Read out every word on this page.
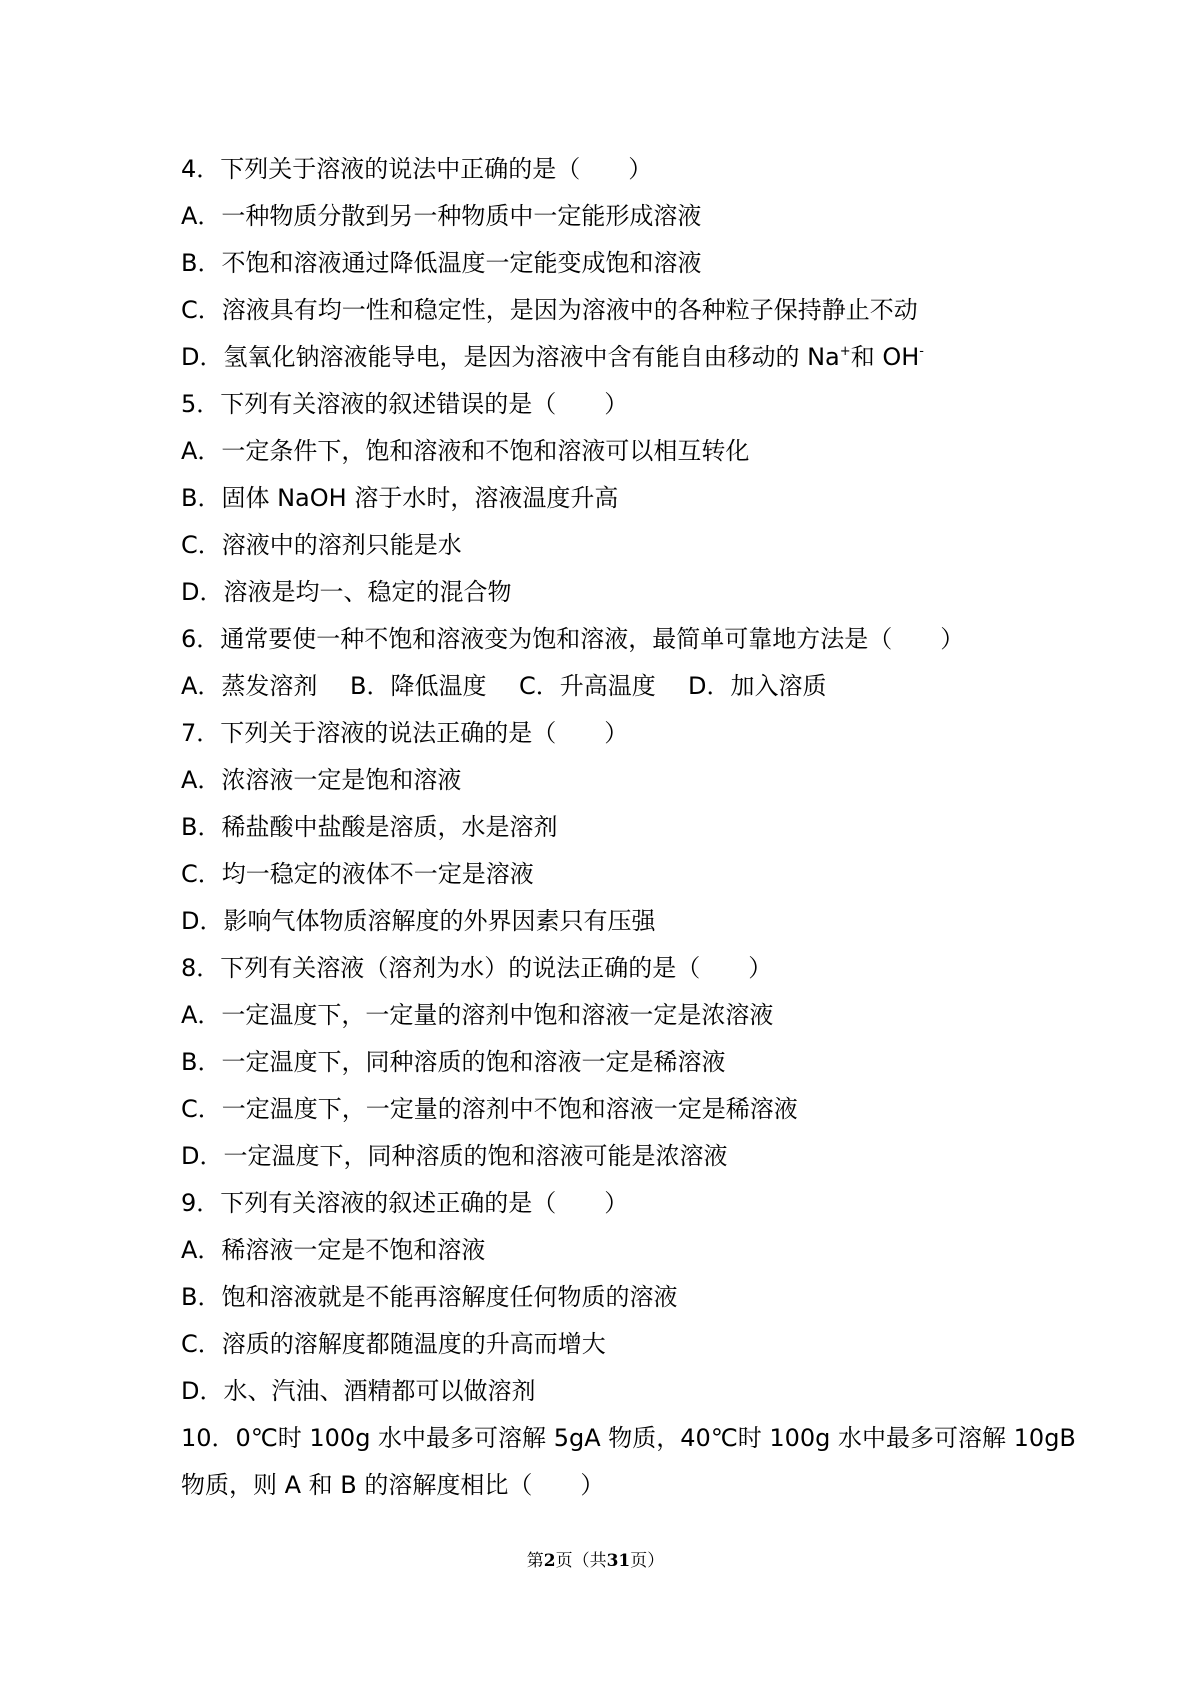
4．下列关于溶液的说法中正确的是（　　）
A．一种物质分散到另一种物质中一定能形成溶液
B．不饱和溶液通过降低温度一定能变成饱和溶液
C．溶液具有均一性和稳定性，是因为溶液中的各种粒子保持静止不动
D．氢氧化钠溶液能导电，是因为溶液中含有能自由移动的 Na+和 OH-
5．下列有关溶液的叙述错误的是（　　）
A．一定条件下，饱和溶液和不饱和溶液可以相互转化
B．固体 NaOH 溶于水时，溶液温度升高
C．溶液中的溶剂只能是水
D．溶液是均一、稳定的混合物
6．通常要使一种不饱和溶液变为饱和溶液，最简单可靠地方法是（　　）
A．蒸发溶剂 B．降低温度 C．升高温度 D．加入溶质
7．下列关于溶液的说法正确的是（　　）
A．浓溶液一定是饱和溶液
B．稀盐酸中盐酸是溶质，水是溶剂
C．均一稳定的液体不一定是溶液
D．影响气体物质溶解度的外界因素只有压强
8．下列有关溶液（溶剂为水）的说法正确的是（　　）
A．一定温度下，一定量的溶剂中饱和溶液一定是浓溶液
B．一定温度下，同种溶质的饱和溶液一定是稀溶液
C．一定温度下，一定量的溶剂中不饱和溶液一定是稀溶液
D．一定温度下，同种溶质的饱和溶液可能是浓溶液
9．下列有关溶液的叙述正确的是（　　）
A．稀溶液一定是不饱和溶液
B．饱和溶液就是不能再溶解度任何物质的溶液
C．溶质的溶解度都随温度的升高而增大
D．水、汽油、酒精都可以做溶剂
10．0℃时 100g 水中最多可溶解 5gA 物质，40℃时 100g 水中最多可溶解 10gB
物质，则 A 和 B 的溶解度相比（　　）
第2页（共31页）
